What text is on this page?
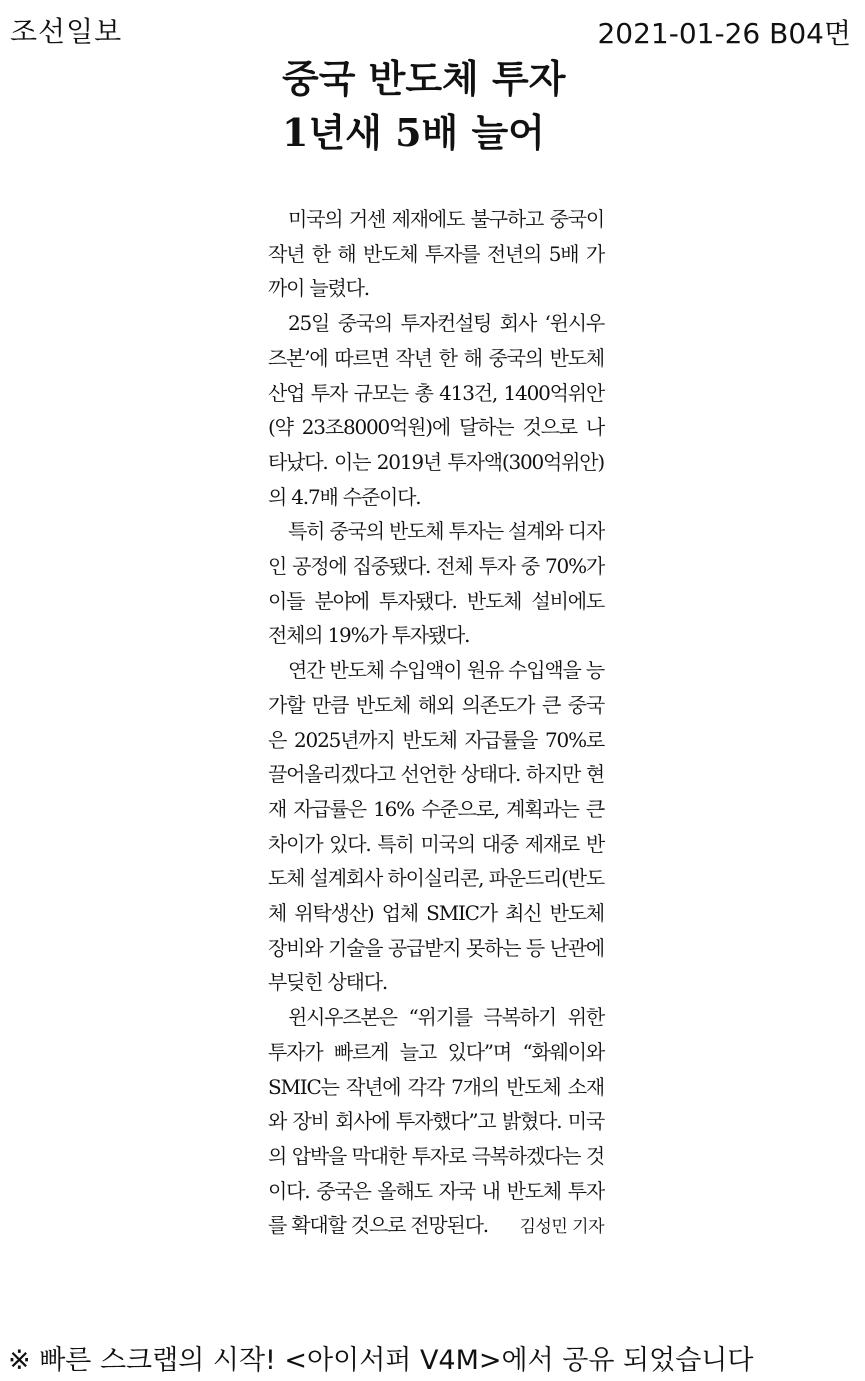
조선일보	2021-01-26 B04면
중국 반도체 투자
1년새 5배 늘어

미국의 거센 제재에도 불구하고 중국이 작년 한 해 반도체 투자를 전년의 5배 가까이 늘렸다.

25일 중국의 투자컨설팅 회사 ‘윈시우즈본’에 따르면 작년 한 해 중국의 반도체 산업 투자 규모는 총 413건, 1400억위안(약 23조8000억원)에 달하는 것으로 나타났다. 이는 2019년 투자액(300억위안)의 4.7배 수준이다.

특히 중국의 반도체 투자는 설계와 디자인 공정에 집중됐다. 전체 투자 중 70%가 이들 분야에 투자됐다. 반도체 설비에도 전체의 19%가 투자됐다.

연간 반도체 수입액이 원유 수입액을 능가할 만큼 반도체 해외 의존도가 큰 중국은 2025년까지 반도체 자급률을 70%로 끌어올리겠다고 선언한 상태다. 하지만 현재 자급률은 16% 수준으로, 계획과는 큰 차이가 있다. 특히 미국의 대중 제재로 반도체 설계회사 하이실리콘, 파운드리(반도체 위탁생산) 업체 SMIC가 최신 반도체 장비와 기술을 공급받지 못하는 등 난관에 부딪힌 상태다.

윈시우즈본은 “위기를 극복하기 위한 투자가 빠르게 늘고 있다”며 “화웨이와 SMIC는 작년에 각각 7개의 반도체 소재와 장비 회사에 투자했다”고 밝혔다. 미국의 압박을 막대한 투자로 극복하겠다는 것이다. 중국은 올해도 자국 내 반도체 투자를 확대할 것으로 전망된다. 김성민 기자

※ 빠른 스크랩의 시작! <아이서퍼 V4M>에서 공유 되었습니다
